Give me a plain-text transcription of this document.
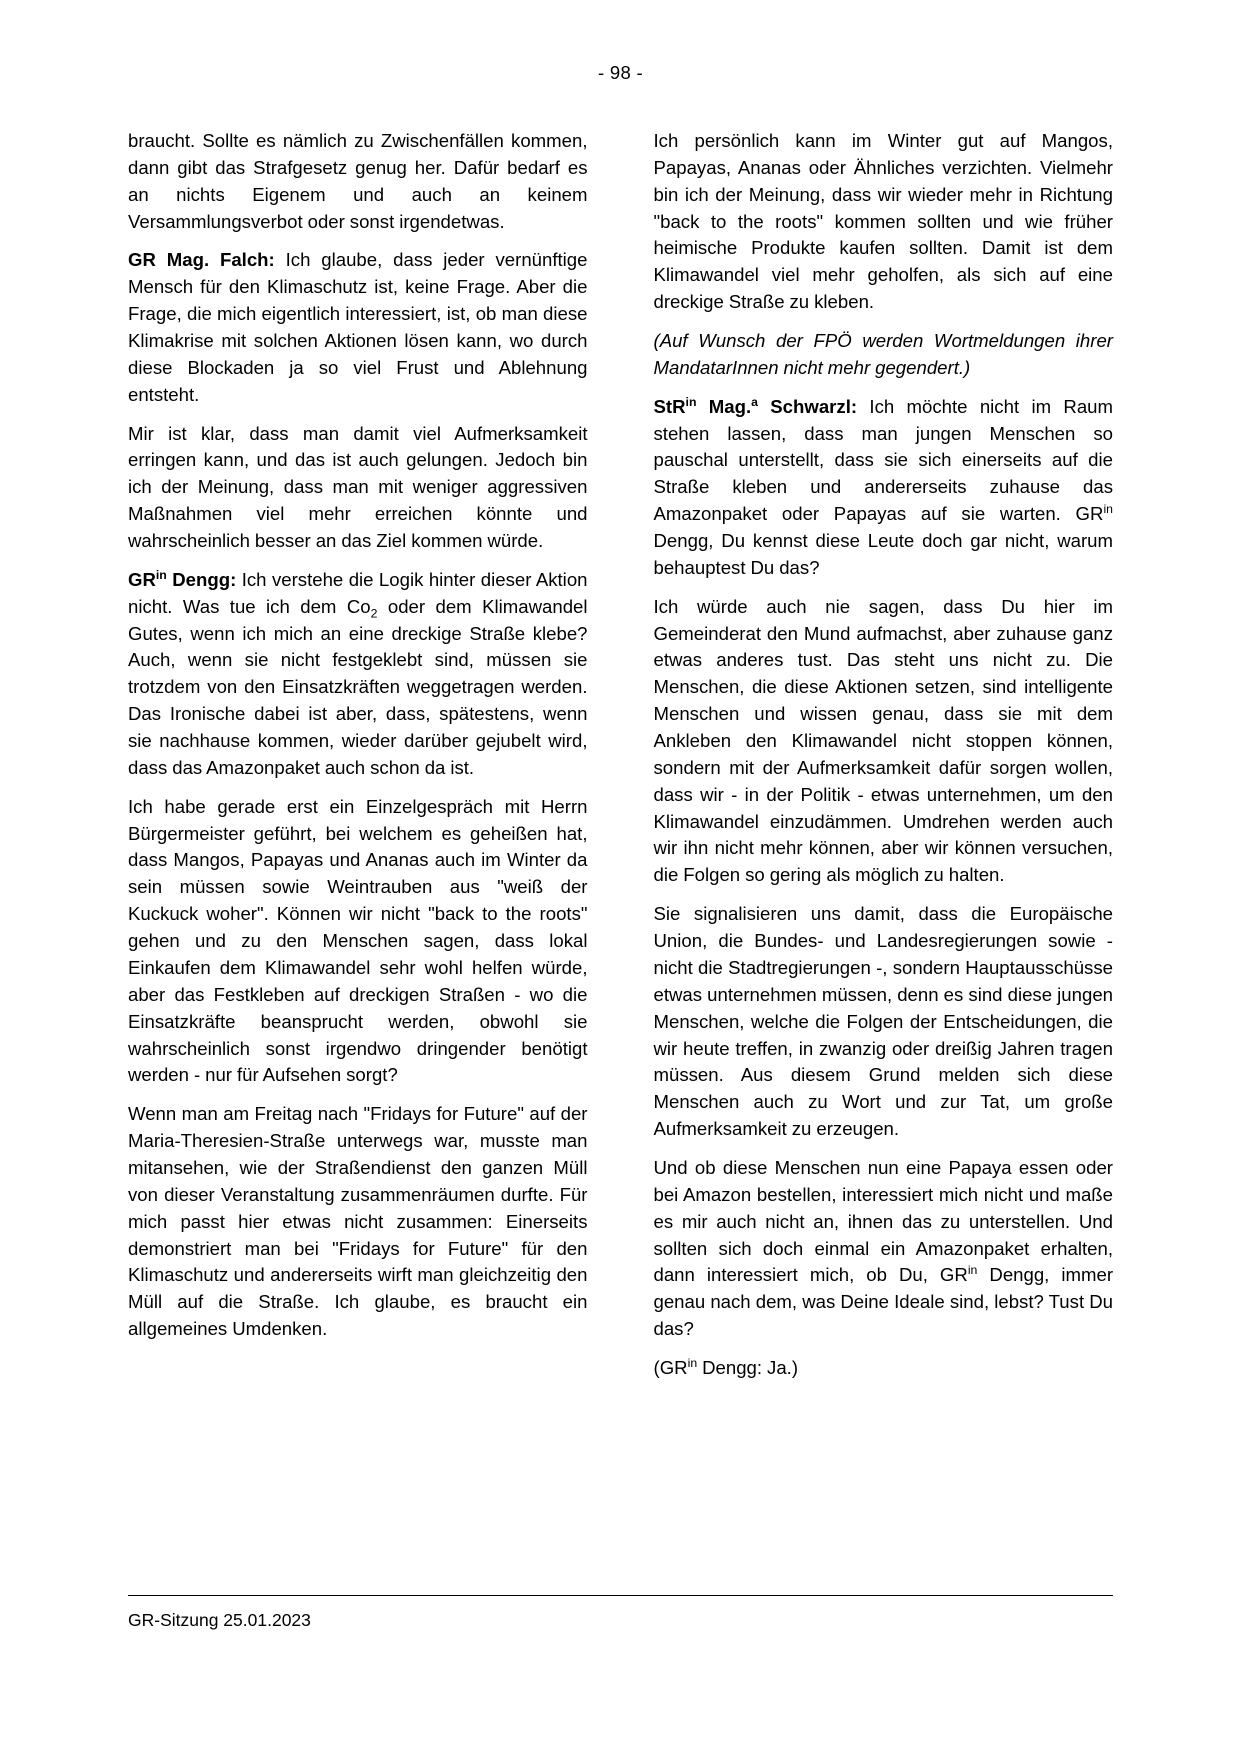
- 98 -

braucht. Sollte es nämlich zu Zwischenfällen kommen, dann gibt das Strafgesetz genug her. Dafür bedarf es an nichts Eigenem und auch an keinem Versammlungsverbot oder sonst irgendetwas.

GR Mag. Falch: Ich glaube, dass jeder vernünftige Mensch für den Klimaschutz ist, keine Frage. Aber die Frage, die mich eigentlich interessiert, ist, ob man diese Klimakrise mit solchen Aktionen lösen kann, wo durch diese Blockaden ja so viel Frust und Ablehnung entsteht.

Mir ist klar, dass man damit viel Aufmerksamkeit erringen kann, und das ist auch gelungen. Jedoch bin ich der Meinung, dass man mit weniger aggressiven Maßnahmen viel mehr erreichen könnte und wahrscheinlich besser an das Ziel kommen würde.

$GR^{in}$ Dengg: Ich verstehe die Logik hinter dieser Aktion nicht. Was tue ich dem $Co_2$ oder dem Klimawandel Gutes, wenn ich mich an eine dreckige Straße klebe? Auch, wenn sie nicht festgeklebt sind, müssen sie trotzdem von den Einsatzkräften weggetragen werden. Das Ironische dabei ist aber, dass, spätestens, wenn sie nachhause kommen, wieder darüber gejubelt wird, dass das Amazonpaket auch schon da ist.

Ich habe gerade erst ein Einzelgespräch mit Herrn Bürgermeister geführt, bei welchem es geheißen hat, dass Mangos, Papayas und Ananas auch im Winter da sein müssen sowie Weintrauben aus "weiß der Kuckuck woher". Können wir nicht "back to the roots" gehen und zu den Menschen sagen, dass lokal Einkaufen dem Klimawandel sehr wohl helfen würde, aber das Festkleben auf dreckigen Straßen - wo die Einsatzkräfte beansprucht werden, obwohl sie wahrscheinlich sonst irgendwo dringender benötigt werden - nur für Aufsehen sorgt?

Wenn man am Freitag nach "Fridays for Future" auf der Maria-Theresien-Straße unterwegs war, musste man mitansehen, wie der Straßendienst den ganzen Müll von dieser Veranstaltung zusammenräumen durfte. Für mich passt hier etwas nicht zusammen: Einerseits demonstriert man bei "Fridays for Future" für den Klimaschutz und andererseits wirft man gleichzeitig den Müll auf die Straße. Ich glaube, es braucht ein allgemeines Umdenken.

Ich persönlich kann im Winter gut auf Mangos, Papayas, Ananas oder Ähnliches verzichten. Vielmehr bin ich der Meinung, dass wir wieder mehr in Richtung "back to the roots" kommen sollten und wie früher heimische Produkte kaufen sollten. Damit ist dem Klimawandel viel mehr geholfen, als sich auf eine dreckige Straße zu kleben.

(Auf Wunsch der FPÖ werden Wortmeldungen ihrer MandatarInnen nicht mehr gegendert.)

StR$^{in}$ Mag.$^a$ Schwarzl: Ich möchte nicht im Raum stehen lassen, dass man jungen Menschen so pauschal unterstellt, dass sie sich einerseits auf die Straße kleben und andererseits zuhause das Amazonpaket oder Papayas auf sie warten. $GR^{in}$ Dengg, Du kennst diese Leute doch gar nicht, warum behauptest Du das?

Ich würde auch nie sagen, dass Du hier im Gemeinderat den Mund aufmachst, aber zuhause ganz etwas anderes tust. Das steht uns nicht zu. Die Menschen, die diese Aktionen setzen, sind intelligente Menschen und wissen genau, dass sie mit dem Ankleben den Klimawandel nicht stoppen können, sondern mit der Aufmerksamkeit dafür sorgen wollen, dass wir - in der Politik - etwas unternehmen, um den Klimawandel einzudämmen. Umdrehen werden auch wir ihn nicht mehr können, aber wir können versuchen, die Folgen so gering als möglich zu halten.

Sie signalisieren uns damit, dass die Europäische Union, die Bundes- und Landesregierungen sowie - nicht die Stadtregierungen -, sondern Hauptausschüsse etwas unternehmen müssen, denn es sind diese jungen Menschen, welche die Folgen der Entscheidungen, die wir heute treffen, in zwanzig oder dreißig Jahren tragen müssen. Aus diesem Grund melden sich diese Menschen auch zu Wort und zur Tat, um große Aufmerksamkeit zu erzeugen.

Und ob diese Menschen nun eine Papaya essen oder bei Amazon bestellen, interessiert mich nicht und maße es mir auch nicht an, ihnen das zu unterstellen. Und sollten sich doch einmal ein Amazonpaket erhalten, dann interessiert mich, ob Du, $GR^{in}$ Dengg, immer genau nach dem, was Deine Ideale sind, lebst? Tust Du das?

($GR^{in}$ Dengg: Ja.)

GR-Sitzung 25.01.2023
